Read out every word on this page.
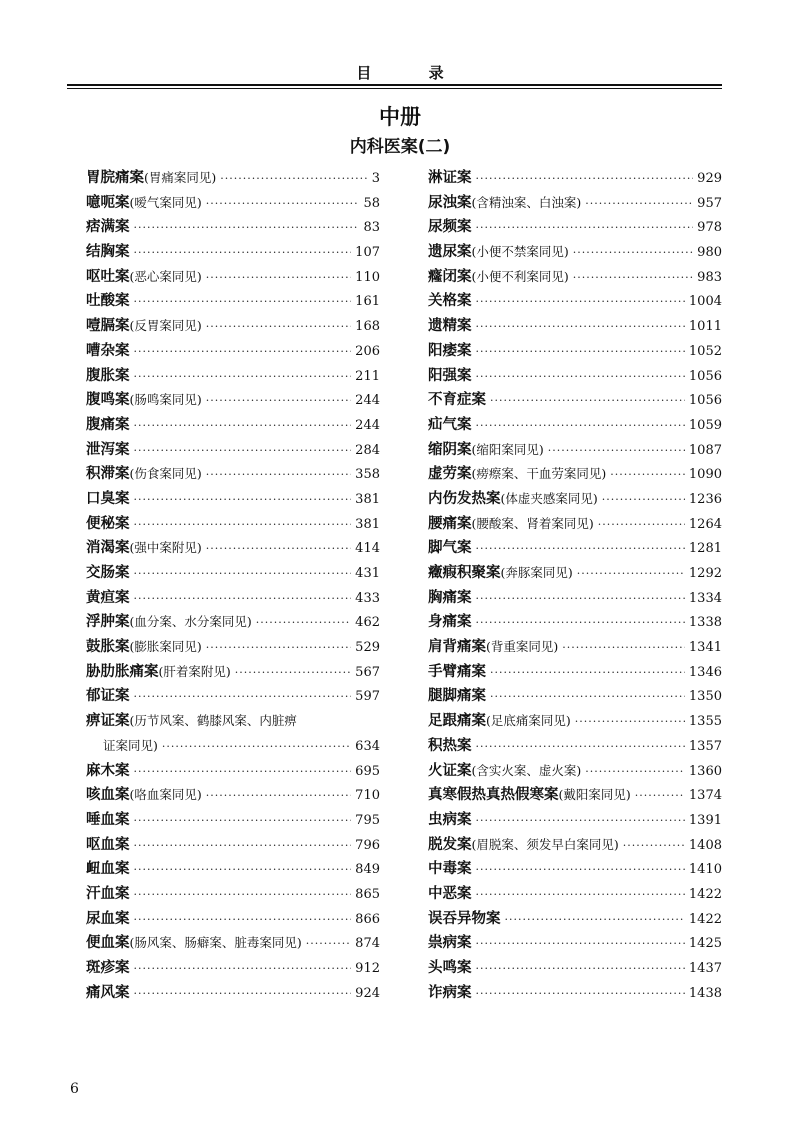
目 录
中册
内科医案(二)
胃脘痛案 (胃痛案同见) ·····	3
噫呃案 (嗳气案同见) ·····	58
痞满案 ·····	83
结胸案 ·····	107
呕吐案 (恶心案同见) ·····	110
吐酸案 ·····	161
噎膈案 (反胃案同见) ·····	168
嘈杂案 ·····	206
腹胀案 ·····	211
腹鸣案 (肠鸣案同见) ·····	244
腹痛案 ·····	244
泄泻案 ·····	284
积滞案 (伤食案同见) ·····	358
口臭案 ·····	381
便秘案 ·····	381
消渴案 (强中案附见) ·····	414
交肠案 ·····	431
黄疸案 ·····	433
浮肿案 (血分案、水分案同见) ·····	462
鼓胀案 (膨胀案同见) ·····	529
胁肋胀痛案 (肝着案附见) ·····	567
郁证案 ·····	597
痹证案 (历节风案、鹤膝风案、内脏痹
证案同见) ·····	634
麻木案 ·····	695
咳血案 (咯血案同见) ·····	710
唾血案 ·····	795
呕血案 ·····	796
衄血案 ·····	849
汗血案 ·····	865
尿血案 ·····	866
便血案 (肠风案、肠癖案、脏毒案同见) ·····	874
斑疹案 ·····	912
痛风案 ·····	924
淋证案 ·····	929
尿浊案 (含精浊案、白浊案) ·····	957
尿频案 ·····	978
遗尿案 (小便不禁案同见) ·····	980
癃闭案 (小便不利案同见) ·····	983
关格案 ·····	1004
遗精案 ·····	1011
阳痿案 ·····	1052
阳强案 ·····	1056
不育症案 ·····	1056
疝气案 ·····	1059
缩阴案 (缩阳案同见) ·····	1087
虚劳案 (痨瘵案、干血劳案同见) ·····	1090
内伤发热案 (体虚夹感案同见) ·····	1236
腰痛案 (腰酸案、肾着案同见) ·····	1264
脚气案 ·····	1281
癥瘕积聚案 (奔豚案同见) ·····	1292
胸痛案 ·····	1334
身痛案 ·····	1338
肩背痛案 (背重案同见) ·····	1341
手臂痛案 ·····	1346
腿脚痛案 ·····	1350
足跟痛案 (足底痛案同见) ·····	1355
积热案 ·····	1357
火证案 (含实火案、虚火案) ·····	1360
真寒假热真热假寒案 (戴阳案同见) ·····	1374
虫病案 ·····	1391
脱发案 (眉脱案、须发早白案同见) ·····	1408
中毒案 ·····	1410
中恶案 ·····	1422
误吞异物案 ·····	1422
祟病案 ·····	1425
头鸣案 ·····	1437
诈病案 ·····	1438
6
